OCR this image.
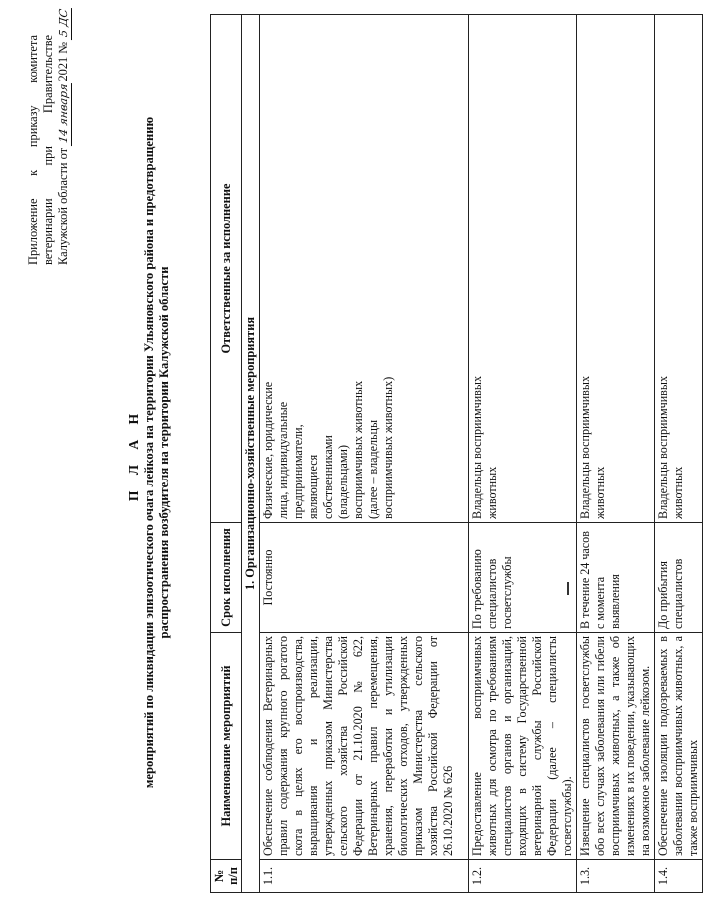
Приложение
к
приказу
комитета
ветеринарии
при
Правительстве
Калужской области от

14 января
2021 №

5 ДС
П Л А Н мероприятий по ликвидации эпизоотического очага лейкоза на территории Ульяновского района и предотвращению распространения возбудителя на территории Калужской области
№ п/п	Наименование мероприятий	Срок исполнения	Ответственные за исполнение
1. Организационно-хозяйственные мероприятия			
1.1.	Обеспечение соблюдения Ветеринарных правил содержания крупного рогатого скота в целях его воспроизводства, выращивания и реализации, утвержденных приказом Министерства сельского хозяйства Российской Федерации от 21.10.2020 № 622, Ветеринарных правил перемещения, хранения, переработки и утилизации биологических отходов, утвержденных приказом Министерства сельского хозяйства Российской Федерации от 26.10.2020 № 626	Постоянно	Физические, юридические лица, индивидуальные предприниматели, являющиеся собственниками (владельцами) восприимчивых животных (далее – владельцы восприимчивых животных)

1.2.	Предоставление восприимчивых животных для осмотра по требованиям специалистов органов и организаций, входящих в систему Государственной ветеринарной службы Российской Федерации (далее – специалисты госветслужбы).	По требованию специалистов госветслужбы	Владельцы восприимчивых животных

1.3.	Извещение специалистов госветслужбы обо всех случаях заболевания или гибели восприимчивых животных, а также об изменениях в их поведении, указывающих на возможное заболевание лейкозом.	В течение 24 часов с момента выявления	Владельцы восприимчивых животных

1.4.	Обеспечение изоляции подозреваемых в заболевании восприимчивых животных, а также восприимчивых	До прибытия специалистов	Владельцы восприимчивых животных
